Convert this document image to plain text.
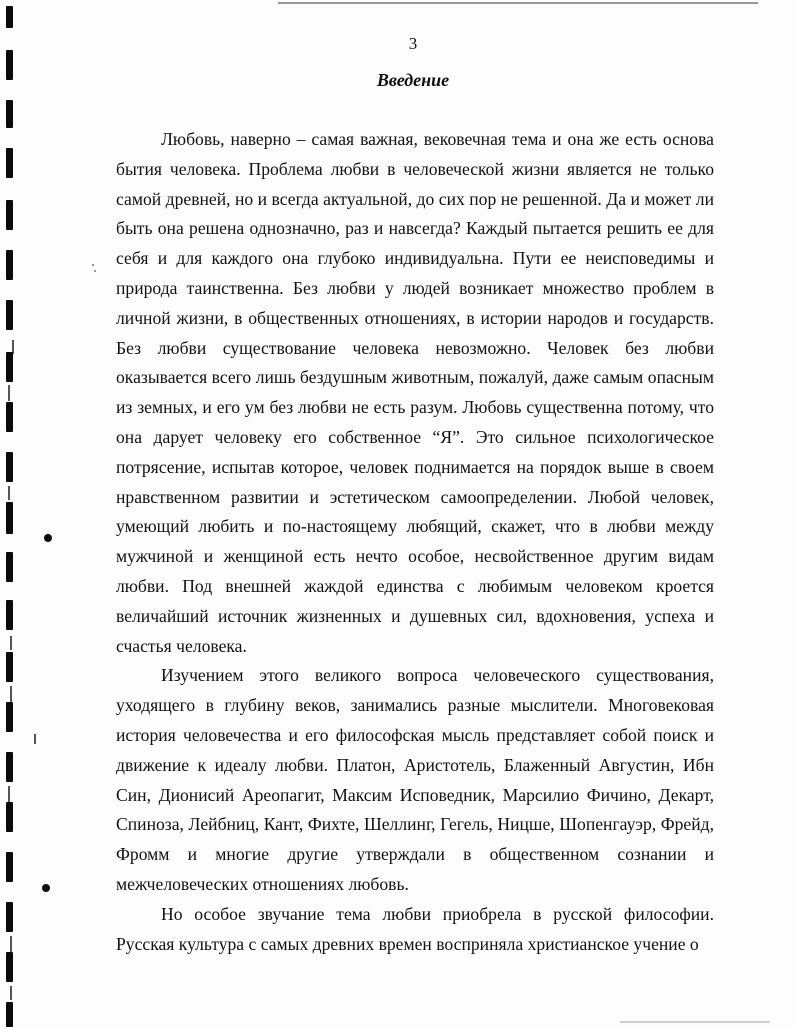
3
Введение

Любовь, наверно – самая важная, вековечная тема и она же есть основа бытия человека. Проблема любви в человеческой жизни является не только самой древней, но и всегда актуальной, до сих пор не решенной. Да и может ли быть она решена однозначно, раз и навсегда? Каждый пытается решить ее для себя и для каждого она глубоко индивидуальна. Пути ее неисповедимы и природа таинственна. Без любви у людей возникает множество проблем в личной жизни, в общественных отношениях, в истории народов и государств. Без любви существование человека невозможно. Человек без любви оказывается всего лишь бездушным животным, пожалуй, даже самым опасным из земных, и его ум без любви не есть разум. Любовь существенна потому, что она дарует человеку его собственное “Я”. Это сильное психологическое потрясение, испытав которое, человек поднимается на порядок выше в своем нравственном развитии и эстетическом самоопределении. Любой человек, умеющий любить и по-настоящему любящий, скажет, что в любви между мужчиной и женщиной есть нечто особое, несвойственное другим видам любви. Под внешней жаждой единства с любимым человеком кроется величайший источник жизненных и душевных сил, вдохновения, успеха и счастья человека.

Изучением этого великого вопроса человеческого существования, уходящего в глубину веков, занимались разные мыслители. Многовековая история человечества и его философская мысль представляет собой поиск и движение к идеалу любви. Платон, Аристотель, Блаженный Августин, Ибн Син, Дионисий Ареопагит, Максим Исповедник, Марсилио Фичино, Декарт, Спиноза, Лейбниц, Кант, Фихте, Шеллинг, Гегель, Ницше, Шопенгауэр, Фрейд, Фромм и многие другие утверждали в общественном сознании и межчеловеческих отношениях любовь.

Но особое звучание тема любви приобрела в русской философии. Русская культура с самых древних времен восприняла христианское учение о
